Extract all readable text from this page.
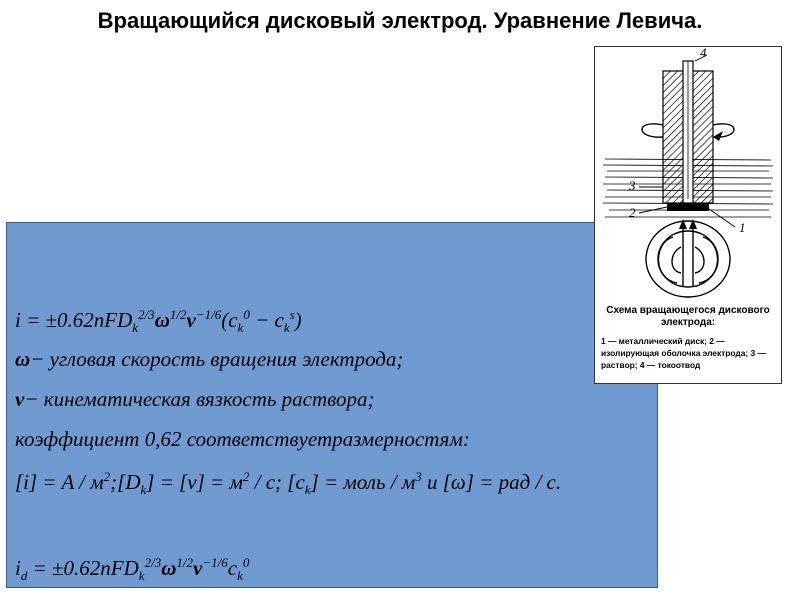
Вращающийся дисковый электрод. Уравнение Левича.
$i = \pm 0.62nFD_k^{2/3}\omega^{1/2}\nu^{-1/6}(c_k^0 - c_k^s)$
ω− угловая скорость вращения электрода;
ν− кинематическая вязкость раствора;
коэффициент 0,62 соответствуетразмерностям:
$[i] = A / м^2;[D_k] = [\nu] = м^2 / c$; $[c_k]$ = моль / $м^3$ и [ω] = рад / c.
$i_d = \pm 0.62nFD_k^{2/3}\omega^{1/2}\nu^{-1/6}c_k^0$
4
3
2
1
Схема вращающегося дискового электрода:
1 — металлический диск; 2 — изолирующая оболочка электрода; 3 — раствор; 4 — токоотвод
